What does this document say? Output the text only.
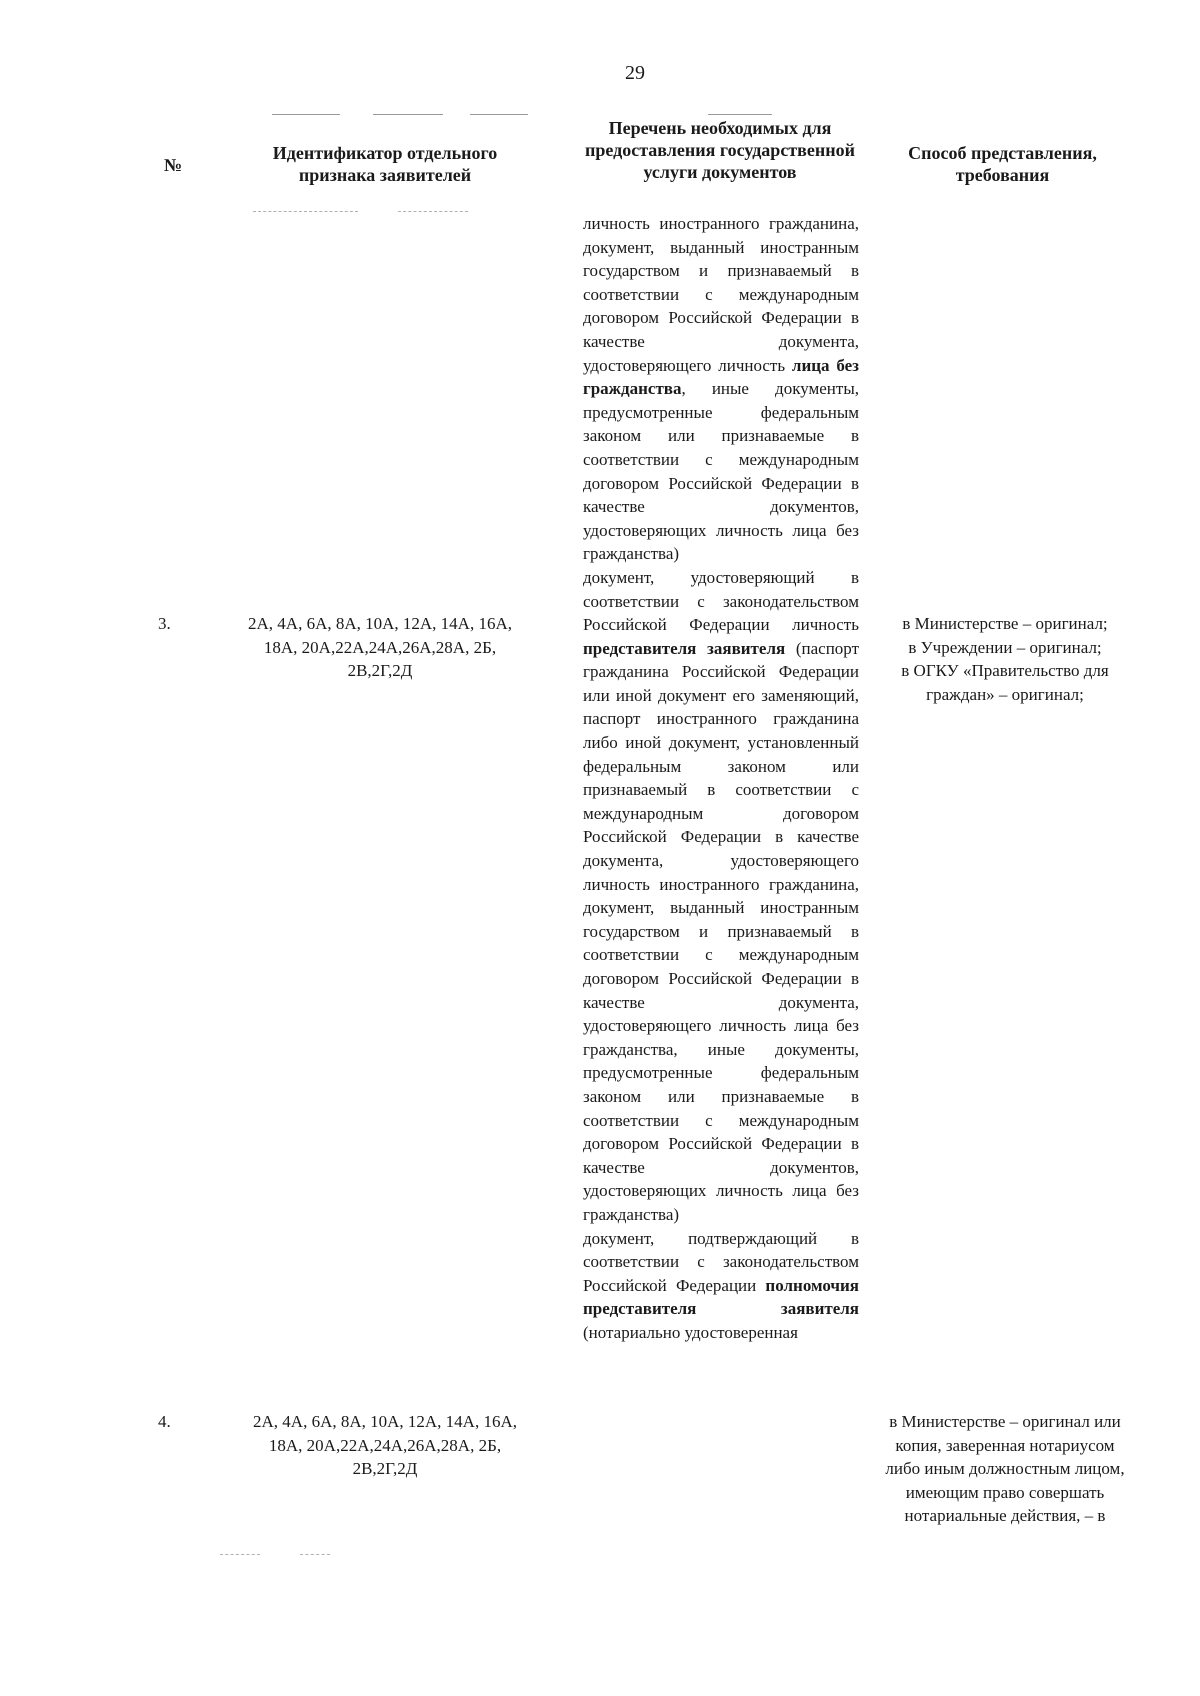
29
№
Идентификатор отдельного признака заявителей
Перечень необходимых для предоставления государственной услуги документов
Способ представления, требования

личность иностранного гражданина, документ, выданный иностранным государством и признаваемый в соответствии с международным договором Российской Федерации в качестве документа, удостоверяющего личность лица без гражданства, иные документы, предусмотренные федеральным законом или признаваемые в соответствии с международным договором Российской Федерации в качестве документов, удостоверяющих личность лица без гражданства)

документ, удостоверяющий в соответствии с законодательством Российской Федерации личность представителя заявителя (паспорт гражданина Российской Федерации или иной документ его заменяющий, паспорт иностранного гражданина либо иной документ, установленный федеральным законом или признаваемый в соответствии с международным договором Российской Федерации в качестве документа, удостоверяющего личность иностранного гражданина, документ, выданный иностранным государством и признаваемый в соответствии с международным договором Российской Федерации в качестве документа, удостоверяющего личность лица без гражданства, иные документы, предусмотренные федеральным законом или признаваемые в соответствии с международным договором Российской Федерации в качестве документов, удостоверяющих личность лица без гражданства)

документ, подтверждающий в соответствии с законодательством Российской Федерации полномочия представителя заявителя (нотариально удостоверенная

3.	2А, 4А, 6А, 8А, 10А, 12А, 14А, 16А, 18А, 20А,22А,24А,26А,28А, 2Б, 2В,2Г,2Д
в Министерстве – оригинал;
в Учреждении – оригинал;
в ОГКУ «Правительство для граждан» – оригинал;
4.	2А, 4А, 6А, 8А, 10А, 12А, 14А, 16А, 18А, 20А,22А,24А,26А,28А, 2Б, 2В,2Г,2Д
в Министерстве – оригинал или копия, заверенная нотариусом либо иным должностным лицом, имеющим право совершать нотариальные действия, – в
